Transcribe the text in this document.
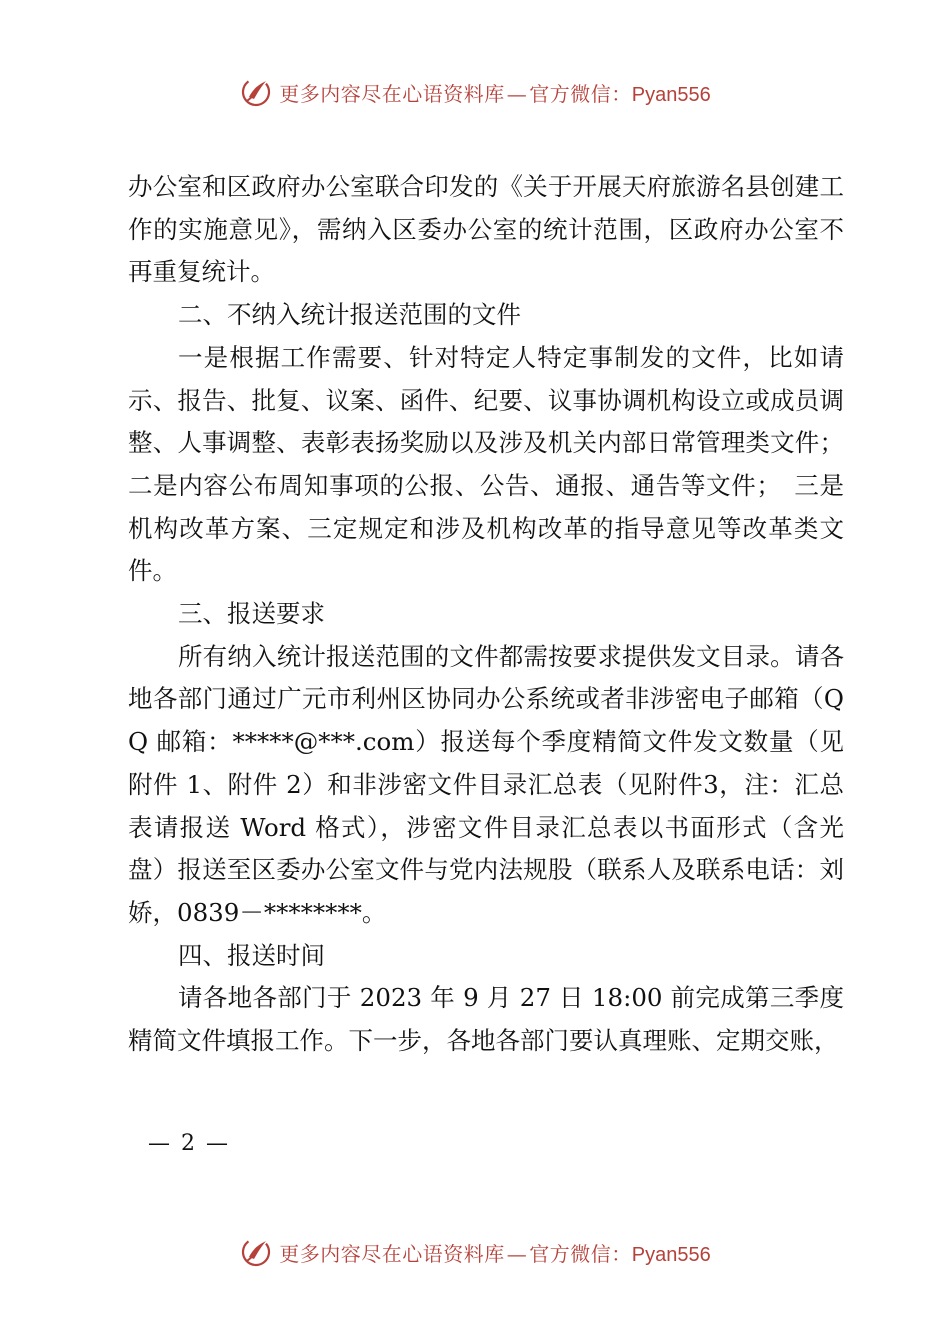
更多内容尽在心语资料库 — 官方微信：Pyan556

办公室和区政府办公室联合印发的《关于开展天府旅游名县创建工作的实施意见》，需纳入区委办公室的统计范围，区政府办公室不再重复统计。

二、不纳入统计报送范围的文件

一是根据工作需要、针对特定人特定事制发的文件，比如请示、报告、批复、议案、函件、纪要、议事协调机构设立或成员调整、人事调整、表彰表扬奖励以及涉及机关内部日常管理类文件；二是内容公布周知事项的公报、公告、通报、通告等文件；　三是机构改革方案、三定规定和涉及机构改革的指导意见等改革类文件。

三、报送要求

所有纳入统计报送范围的文件都需按要求提供发文目录。请各地各部门通过广元市利州区协同办公系统或者非涉密电子邮箱（QQ 邮箱：*****@***.com）报送每个季度精简文件发文数量（见附件 1、附件 2）和非涉密文件目录汇总表（见附件3，注：汇总表请报送 Word 格式），涉密文件目录汇总表以书面形式（含光盘）报送至区委办公室文件与党内法规股（联系人及联系电话：刘娇，0839－********。

四、报送时间

请各地各部门于 2023 年 9 月 27 日 18:00 前完成第三季度精简文件填报工作。下一步，各地各部门要认真理账、定期交账，

— 2 —
更多内容尽在心语资料库 — 官方微信：Pyan556
